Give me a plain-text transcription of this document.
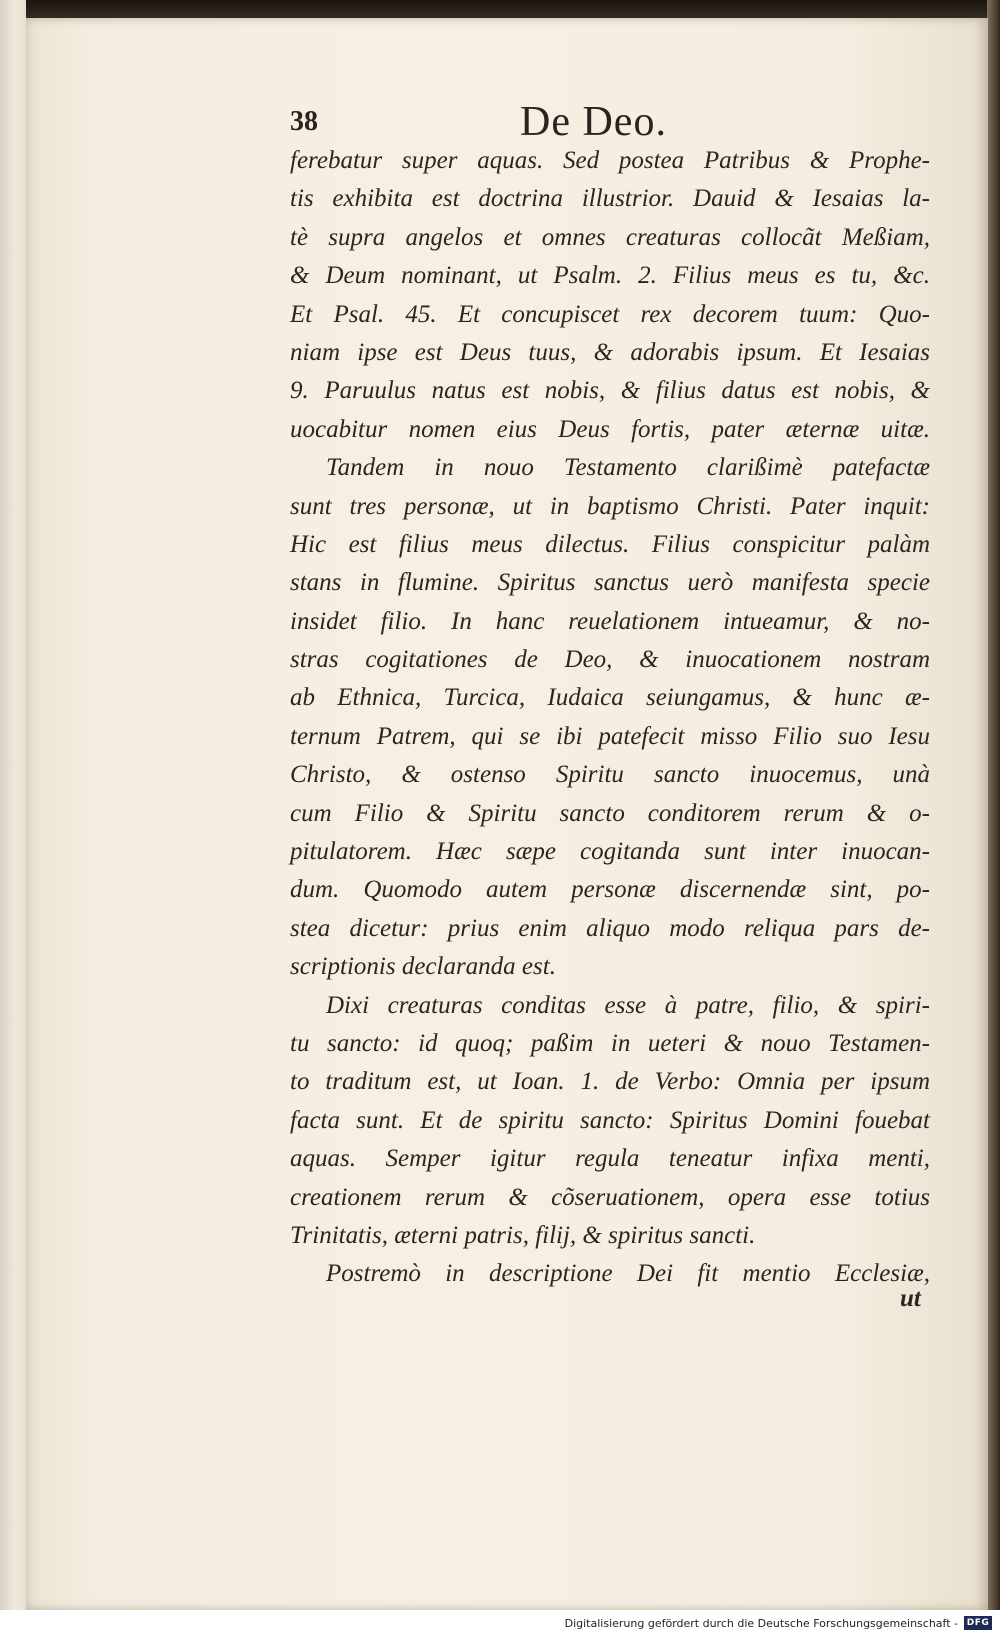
38	De Deo.
ferebatur super aquas. Sed postea Patribus & Prophe-
tis exhibita est doctrina illustrior. Dauid & Iesaias la-
tè supra angelos et omnes creaturas collocãt Meßiam,
& Deum nominant, ut Psalm. 2. Filius meus es tu, &c.
Et Psal. 45. Et concupiscet rex decorem tuum: Quo-
niam ipse est Deus tuus, & adorabis ipsum. Et Iesaias
9. Paruulus natus est nobis, & filius datus est nobis, &
uocabitur nomen eius Deus fortis, pater æternæ uitæ.
Tandem in nouo Testamento clarißimè patefactæ
sunt tres personæ, ut in baptismo Christi. Pater inquit:
Hic est filius meus dilectus. Filius conspicitur palàm
stans in flumine. Spiritus sanctus uerò manifesta specie
insidet filio. In hanc reuelationem intueamur, & no-
stras cogitationes de Deo, & inuocationem nostram
ab Ethnica, Turcica, Iudaica seiungamus, & hunc æ-
ternum Patrem, qui se ibi patefecit misso Filio suo Iesu
Christo, & ostenso Spiritu sancto inuocemus, unà
cum Filio & Spiritu sancto conditorem rerum & o-
pitulatorem. Hæc sæpe cogitanda sunt inter inuocan-
dum. Quomodo autem personæ discernendæ sint, po-
stea dicetur: prius enim aliquo modo reliqua pars de-
scriptionis declaranda est.
Dixi creaturas conditas esse à patre, filio, & spiri-
tu sancto: id quoq; paßim in ueteri & nouo Testamen-
to traditum est, ut Ioan. 1. de Verbo: Omnia per ipsum
facta sunt. Et de spiritu sancto: Spiritus Domini fouebat
aquas. Semper igitur regula teneatur infixa menti,
creationem rerum & cõseruationem, opera esse totius
Trinitatis, æterni patris, filij, & spiritus sancti.
Postremò in descriptione Dei fit mentio Ecclesiæ,
ut
Digitalisierung gefördert durch die Deutsche Forschungsgemeinschaft - DFG
